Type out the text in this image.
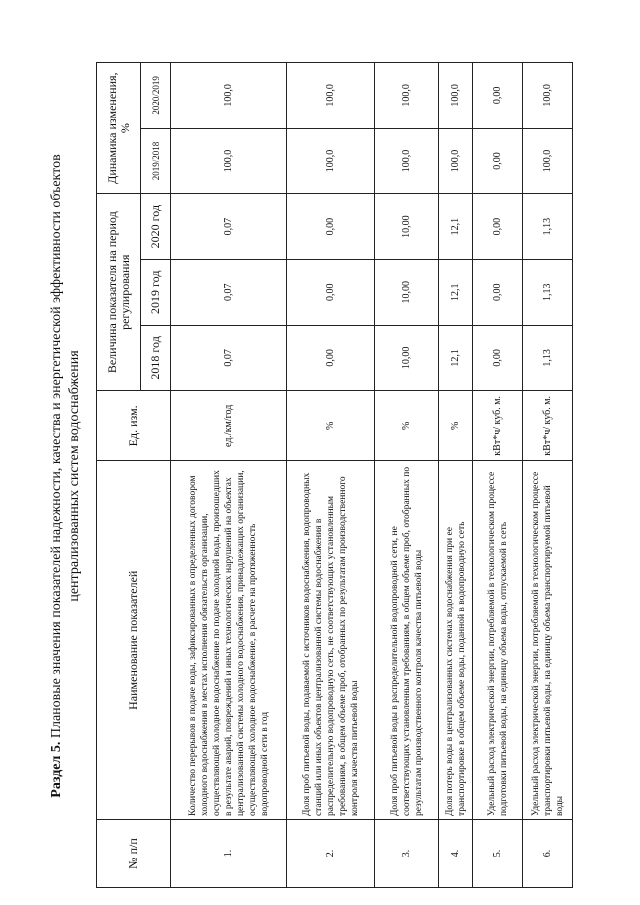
Раздел 5. Плановые значения показателей надежности, качества и энергетической эффективности объектов централизованных систем водоснабжения
№ п/п	Наименование показателей	Ед. изм.	Величина показателя на период регулирования			Динамика изменения, %	
			2018 год	2019 год	2020 год	2019/2018	2020/2019
1.	Количество перерывов в подаче воды, зафиксированных в определенных договором холодного водоснабжения в местах исполнения обязательств организации, осуществляющей холодное водоснабжение по подаче холодной воды, произошедших в результате аварий, повреждений и иных технологических нарушений на объектах централизованной системы холодного водоснабжения, принадлежащих организации, осуществляющей холодное водоснабжение, в расчете на протяженность водопроводной сети в год	ед./км/год	0,07	0,07	0,07	100,0	100,0
2.	Доля проб питьевой воды, подаваемой с источников водоснабжения, водопроводных станций или иных объектов централизованной системы водоснабжения в распределительную водопроводную сеть, не соответствующих установленным требованиям, в общем объеме проб, отобранных по результатам производственного контроля качества питьевой воды	%	0,00	0,00	0,00	100,0	100,0
3.	Доля проб питьевой воды в распределительной водопроводной сети, не соответствующих установленным требованиям, в общем объеме проб, отобранных по результатам производственного контроля качества питьевой воды	%	10,00	10,00	10,00	100,0	100,0
4.	Доля потерь воды в централизованных системах водоснабжения при ее транспортировке в общем объеме воды, поданной в водопроводную сеть	%	12,1	12,1	12,1	100,0	100,0
5.	Удельный расход электрической энергии, потребляемой в технологическом процессе подготовки питьевой воды, на единицу объема воды, отпускаемой в сеть	кВт*ч/ куб. м.	0,00	0,00	0,00	0,00	0,00
6.	Удельный расход электрической энергии, потребляемой в технологическом процессе транспортировки питьевой воды, на единицу объема транспортируемой питьевой воды	кВт*ч/ куб. м.	1,13	1,13	1,13	100,0	100,0
